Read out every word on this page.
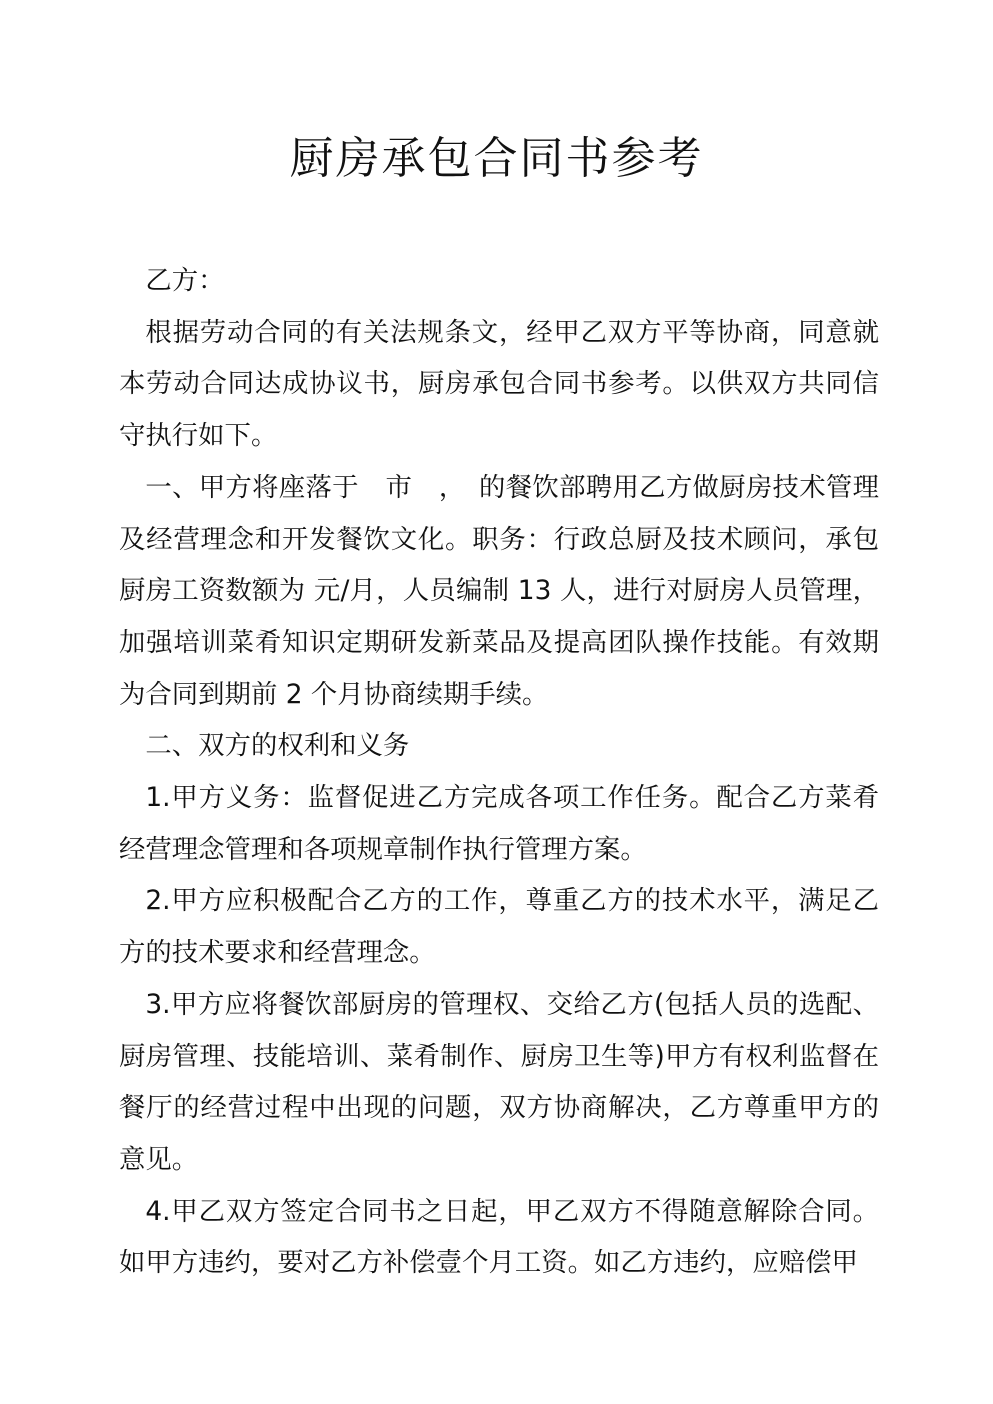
厨房承包合同书参考

乙方：

根据劳动合同的有关法规条文，经甲乙双方平等协商，同意就本劳动合同达成协议书，厨房承包合同书参考。以供双方共同信守执行如下。

一、甲方将座落于　市　，　的餐饮部聘用乙方做厨房技术管理及经营理念和开发餐饮文化。职务：行政总厨及技术顾问，承包厨房工资数额为 元/月，人员编制 13 人，进行对厨房人员管理，加强培训菜肴知识定期研发新菜品及提高团队操作技能。有效期为合同到期前 2 个月协商续期手续。

二、双方的权利和义务

1.甲方义务：监督促进乙方完成各项工作任务。配合乙方菜肴经营理念管理和各项规章制作执行管理方案。

2.甲方应积极配合乙方的工作，尊重乙方的技术水平，满足乙方的技术要求和经营理念。

3.甲方应将餐饮部厨房的管理权、交给乙方(包括人员的选配、厨房管理、技能培训、菜肴制作、厨房卫生等)甲方有权利监督在餐厅的经营过程中出现的问题，双方协商解决，乙方尊重甲方的意见。

4.甲乙双方签定合同书之日起，甲乙双方不得随意解除合同。如甲方违约，要对乙方补偿壹个月工资。如乙方违约，应赔偿甲
